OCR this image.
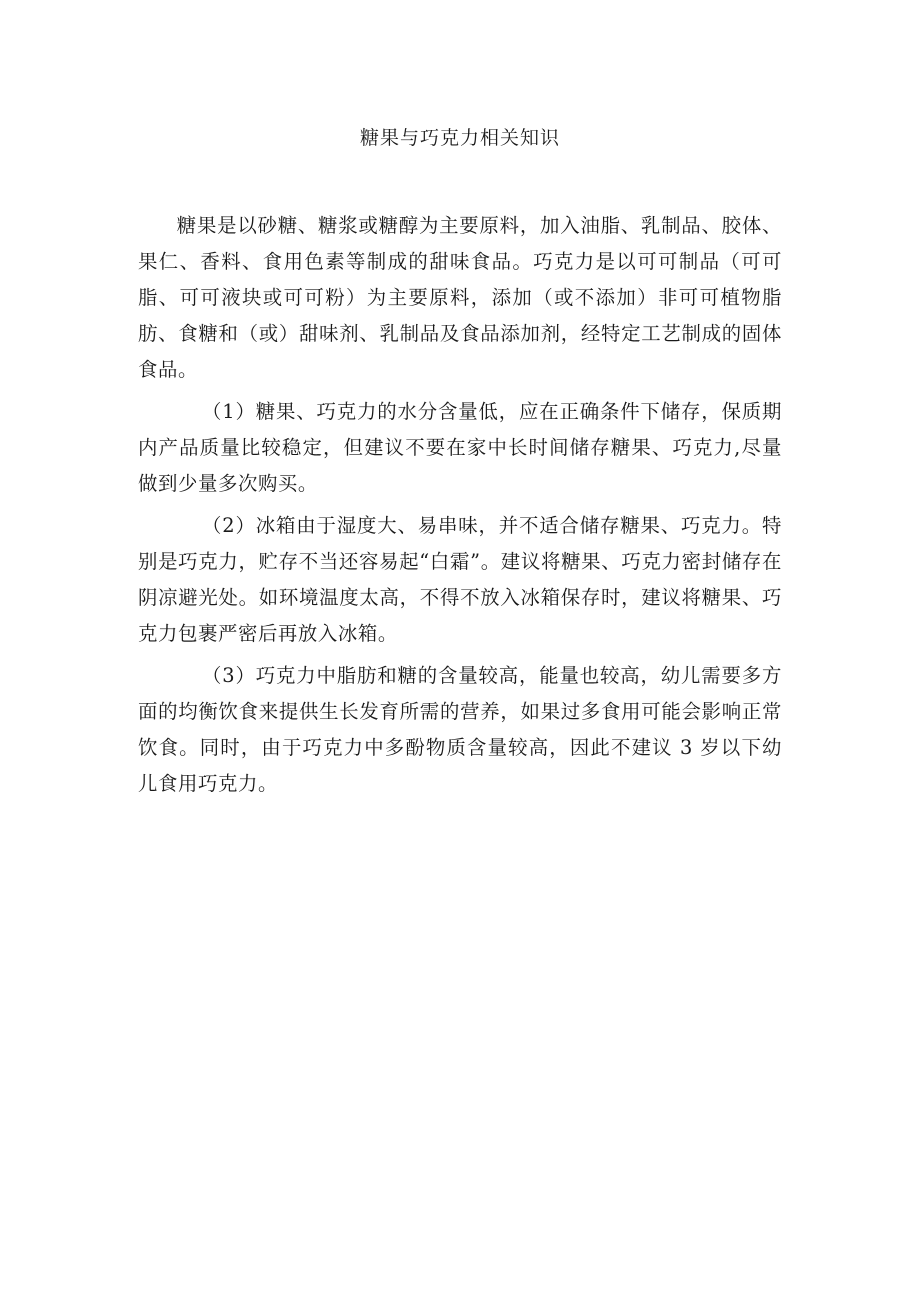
糖果与巧克力相关知识

糖果是以砂糖、糖浆或糖醇为主要原料，加入油脂、乳制品、胶体、果仁、香料、食用色素等制成的甜味食品。巧克力是以可可制品（可可脂、可可液块或可可粉）为主要原料，添加（或不添加）非可可植物脂肪、食糖和（或）甜味剂、乳制品及食品添加剂，经特定工艺制成的固体食品。

（1）糖果、巧克力的水分含量低，应在正确条件下储存，保质期内产品质量比较稳定，但建议不要在家中长时间储存糖果、巧克力,尽量做到少量多次购买。

（2）冰箱由于湿度大、易串味，并不适合储存糖果、巧克力。特别是巧克力，贮存不当还容易起“白霜”。建议将糖果、巧克力密封储存在阴凉避光处。如环境温度太高，不得不放入冰箱保存时，建议将糖果、巧克力包裹严密后再放入冰箱。

（3）巧克力中脂肪和糖的含量较高，能量也较高，幼儿需要多方面的均衡饮食来提供生长发育所需的营养，如果过多食用可能会影响正常饮食。同时，由于巧克力中多酚物质含量较高，因此不建议 3 岁以下幼儿食用巧克力。
